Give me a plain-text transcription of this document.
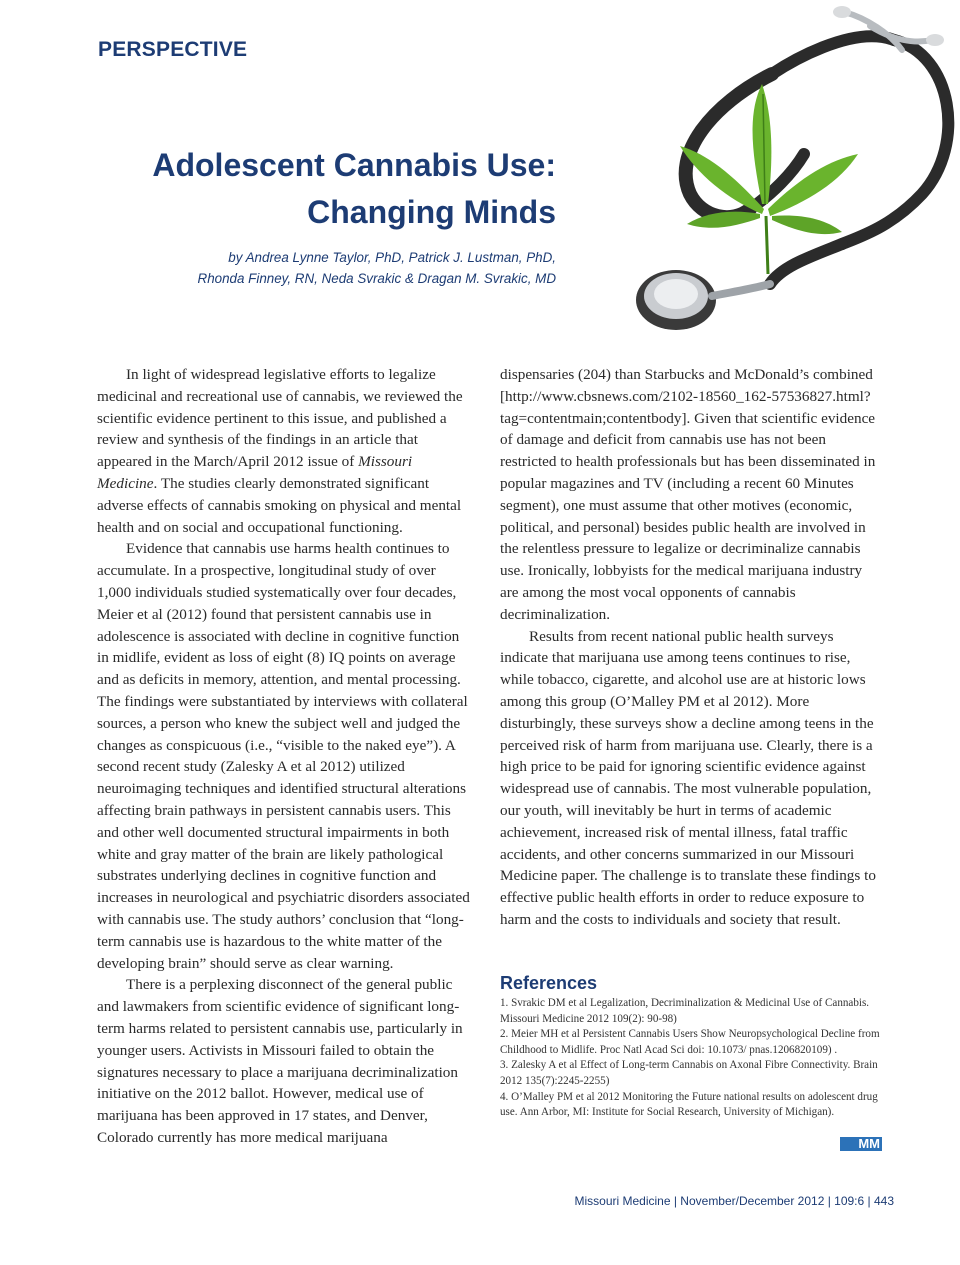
PERSPECTIVE
Adolescent Cannabis Use:
Changing Minds
by Andrea Lynne Taylor, PhD, Patrick J. Lustman, PhD,
Rhonda Finney, RN, Neda Svrakic & Dragan M. Svrakic, MD

In light of widespread legislative efforts to legalize medicinal and recreational use of cannabis, we reviewed the scientific evidence pertinent to this issue, and published a review and synthesis of the findings in an article that appeared in the March/April 2012 issue of Missouri Medicine. The studies clearly demonstrated significant adverse effects of cannabis smoking on physical and mental health and on social and occupational functioning.

Evidence that cannabis use harms health continues to accumulate. In a prospective, longitudinal study of over 1,000 individuals studied systematically over four decades, Meier et al (2012) found that persistent cannabis use in adolescence is associated with decline in cognitive function in midlife, evident as loss of eight (8) IQ points on average and as deficits in memory, attention, and mental processing. The findings were substantiated by interviews with collateral sources, a person who knew the subject well and judged the changes as conspicuous (i.e., “visible to the naked eye”). A second recent study (Zalesky A et al 2012) utilized neuroimaging techniques and identified structural alterations affecting brain pathways in persistent cannabis users. This and other well documented structural impairments in both white and gray matter of the brain are likely pathological substrates underlying declines in cognitive function and increases in neurological and psychiatric disorders associated with cannabis use. The study authors’ conclusion that “long-term cannabis use is hazardous to the white matter of the developing brain” should serve as clear warning.

There is a perplexing disconnect of the general public and lawmakers from scientific evidence of significant long-term harms related to persistent cannabis use, particularly in younger users. Activists in Missouri failed to obtain the signatures necessary to place a marijuana decriminalization initiative on the 2012 ballot. However, medical use of marijuana has been approved in 17 states, and Denver, Colorado currently has more medical marijuana

dispensaries (204) than Starbucks and McDonald’s combined [http://www.cbsnews.com/2102-18560_162-57536827.html?tag=contentmain;contentbody]. Given that scientific evidence of damage and deficit from cannabis use has not been restricted to health professionals but has been disseminated in popular magazines and TV (including a recent 60 Minutes segment), one must assume that other motives (economic, political, and personal) besides public health are involved in the relentless pressure to legalize or decriminalize cannabis use. Ironically, lobbyists for the medical marijuana industry are among the most vocal opponents of cannabis decriminalization.

Results from recent national public health surveys indicate that marijuana use among teens continues to rise, while tobacco, cigarette, and alcohol use are at historic lows among this group (O’Malley PM et al 2012). More disturbingly, these surveys show a decline among teens in the perceived risk of harm from marijuana use. Clearly, there is a high price to be paid for ignoring scientific evidence against widespread use of cannabis. The most vulnerable population, our youth, will inevitably be hurt in terms of academic achievement, increased risk of mental illness, fatal traffic accidents, and other concerns summarized in our Missouri Medicine paper. The challenge is to translate these findings to effective public health efforts in order to reduce exposure to harm and the costs to individuals and society that result.

References
1. Svrakic DM et al Legalization, Decriminalization & Medicinal Use of Cannabis. Missouri Medicine 2012 109(2): 90-98)
2. Meier MH et al Persistent Cannabis Users Show Neuropsychological Decline from Childhood to Midlife. Proc Natl Acad Sci doi: 10.1073/ pnas.1206820109) .
3. Zalesky A et al Effect of Long-term Cannabis on Axonal Fibre Connectivity. Brain 2012 135(7):2245-2255)
4. O’Malley PM et al 2012 Monitoring the Future national results on adolescent drug use. Ann Arbor, MI: Institute for Social Research, University of Michigan).
MM
Missouri Medicine | November/December 2012 | 109:6 | 443
